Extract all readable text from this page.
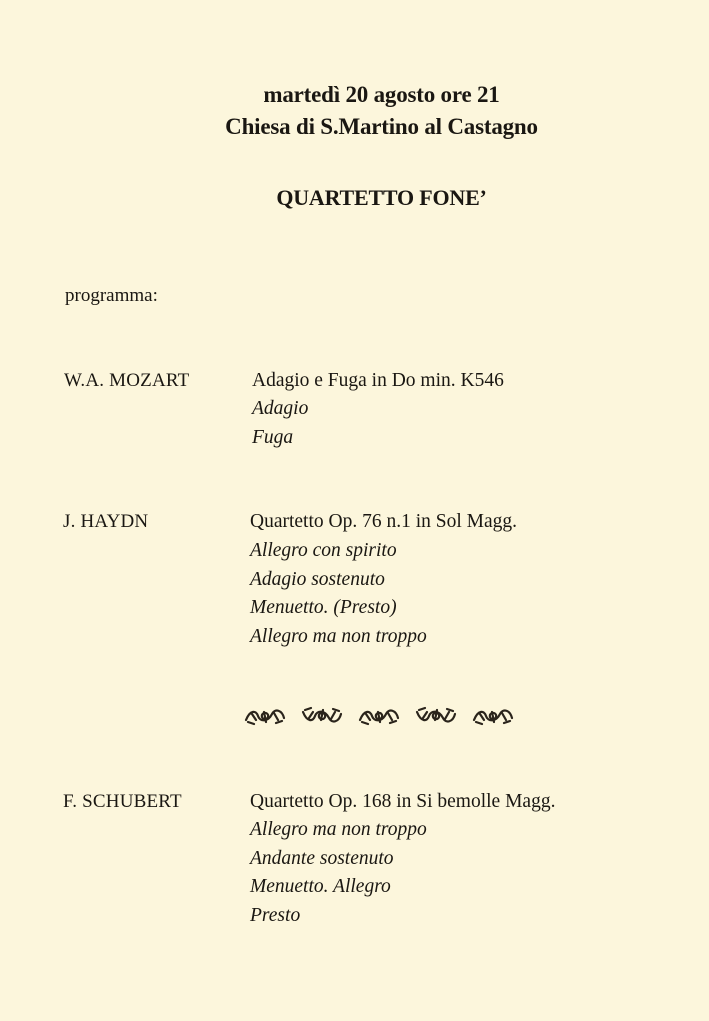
martedì 20 agosto ore 21
Chiesa di S.Martino al Castagno
QUARTETTO FONE’
programma:
W.A. MOZART	Adagio e Fuga in Do min. K546
Adagio
Fuga
J. HAYDN	Quartetto Op. 76 n.1 in Sol Magg.
Allegro con spirito
Adagio sostenuto
Menuetto. (Presto)
Allegro ma non troppo
F. SCHUBERT	Quartetto Op. 168 in Si bemolle Magg.
Allegro ma non troppo
Andante sostenuto
Menuetto. Allegro
Presto
